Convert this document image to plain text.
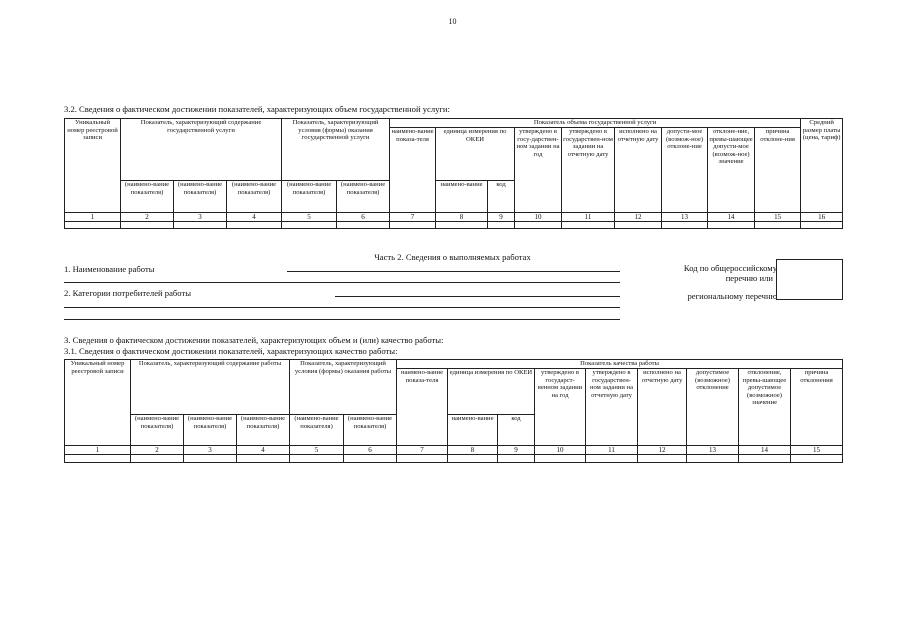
10
3.2. Сведения о фактическом достижении показателей, характеризующих объем государственной услуги:
Уникальный номер реестровой записи	Показатель, характеризующий содержание государственной услуги			Показатель, характеризующий условия (формы) оказания государственной услуги		Показатель объема государственной услуги									Средний размер платы (цена, тариф)
						наимено-вание показа-теля	единица измерения по ОКЕИ		утверждено в госу-дарствен-ном задании на год	утверждено в государствен-ном задании на отчетную дату	исполнено на отчетную дату	допусти-мое (возмож-ное) отклоне-ние	отклоне-ние, превы-шающее допусти-мое (возмож-ное) значение	причина отклоне-ния	
							наимено-вание	код							
	(наимено-вание показателя)	(наимено-вание показателя)	(наимено-вание показателя)	(наимено-вание показателя)	(наимено-вание показателя)										
1	2	3	4	5	6	7	8	9	10	11	12	13	14	15	16

Часть 2. Сведения о выполняемых работах
1. Наименование работы
2. Категории потребителей работы
Код по общероссийскому
перечню или
региональному перечню
3. Сведения о фактическом достижении показателей, характеризующих объем и (или) качество работы:
3.1. Сведения о фактическом достижении показателей, характеризующих качество работы:
Уникальный номер реестровой записи	Показатель, характеризующий содержание работы			Показатель, характеризующий условия (формы) оказания работы		Показатель качества работы								
						наимено-вание показа-теля	единица измерения по ОКЕИ		утверждено в государст-венном задании на год	утверждено в государствен-ном задании на отчетную дату	исполнено на отчетную дату	допустимое (возможное) отклонение	отклонение, превы-шающее допустимое (возможное) значение	причина отклонения
							наимено-вание	код						
	(наимено-вание показателя)	(наимено-вание показателя)	(наимено-вание показателя)	(наимено-вание показателя)	(наимено-вание показателя)									
1	2	3	4	5	6	7	8	9	10	11	12	13	14	15
